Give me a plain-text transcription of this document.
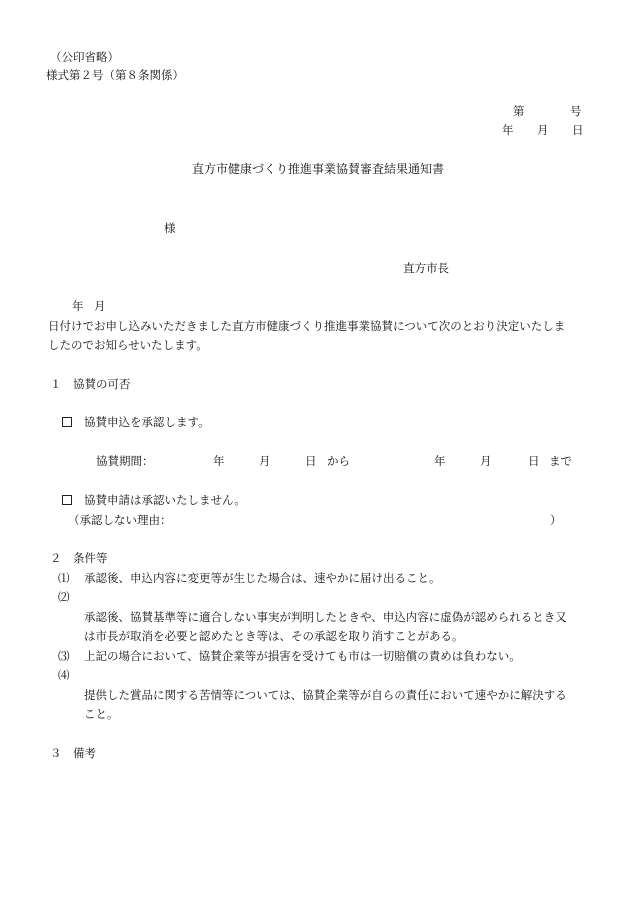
（公印省略）
様式第２号（第８条関係）
第	号
年 月 日
直方市健康づくり推進事業協賛審査結果通知書
様
直方市長
年 月
日付けでお申し込みいただきました直方市健康づくり推進事業協賛について次のとおり決定いたしま
したのでお知らせいたします。
１　協賛の可否
協賛申込を承認します。
協賛期間：	年	月	日 から	年	月	日 まで
協賛申請は承認いたしません。
（承認しない理由：	）
２　条件等
⑴ 承認後、申込内容に変更等が生じた場合は、速やかに届け出ること。
⑵
承認後、協賛基準等に適合しない事実が判明したときや、申込内容に虚偽が認められるとき又
は市長が取消を必要と認めたとき等は、その承認を取り消すことがある。
⑶ 上記の場合において、協賛企業等が損害を受けても市は一切賠償の責めは負わない。
⑷
提供した賞品に関する苦情等については、協賛企業等が自らの責任において速やかに解決する
こと。
３　備考
